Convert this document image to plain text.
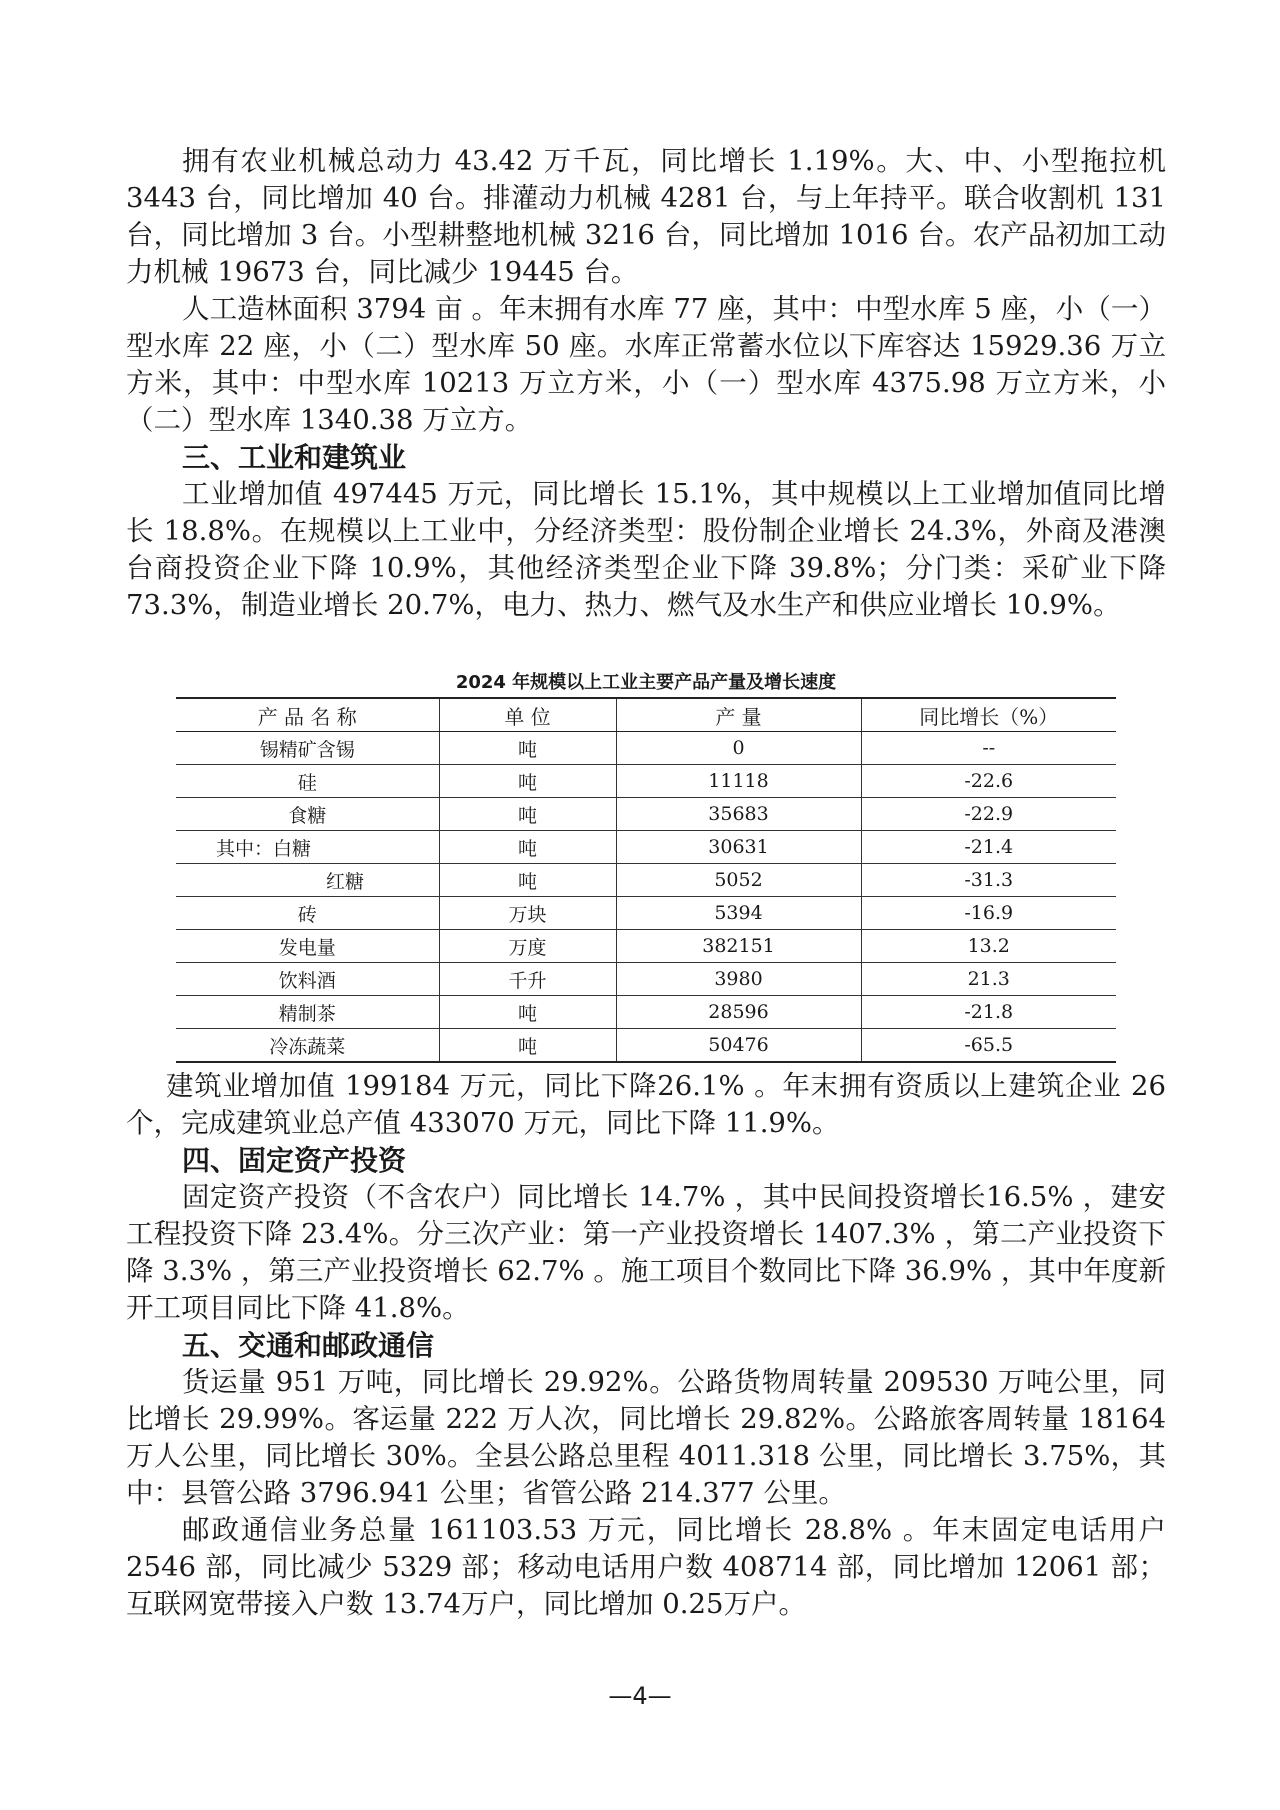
拥有农业机械总动力 43.42 万千瓦，同比增长 1.19%。大、中、小型拖拉机 3443 台，同比增加 40 台。排灌动力机械 4281 台，与上年持平。联合收割机 131 台，同比增加 3 台。小型耕整地机械 3216 台，同比增加 1016 台。农产品初加工动力机械 19673 台，同比减少 19445 台。

人工造林面积 3794 亩 。年末拥有水库 77 座，其中：中型水库 5 座，小（一）型水库 22 座，小（二）型水库 50 座。水库正常蓄水位以下库容达 15929.36 万立方米，其中：中型水库 10213 万立方米，小（一）型水库 4375.98 万立方米，小（二）型水库 1340.38 万立方。

三、工业和建筑业

工业增加值 497445 万元，同比增长 15.1%，其中规模以上工业增加值同比增长 18.8%。在规模以上工业中，分经济类型：股份制企业增长 24.3%，外商及港澳台商投资企业下降 10.9%，其他经济类型企业下降 39.8%；分门类：采矿业下降 73.3%，制造业增长 20.7%，电力、热力、燃气及水生产和供应业增长 10.9%。

2024 年规模以上工业主要产品产量及增长速度
产 品 名 称	单 位	产 量	同比增长（%）
锡精矿含锡	吨	0	--
硅	吨	11118	-22.6
食糖	吨	35683	-22.9
其中：白糖	吨	30631	-21.4
红糖	吨	5052	-31.3
砖	万块	5394	-16.9
发电量	万度	382151	13.2
饮料酒	千升	3980	21.3
精制茶	吨	28596	-21.8
冷冻蔬菜	吨	50476	-65.5

建筑业增加值 199184 万元，同比下降26.1% 。年末拥有资质以上建筑企业 26 个，完成建筑业总产值 433070 万元，同比下降 11.9%。

四、固定资产投资

固定资产投资（不含农户）同比增长 14.7% ，其中民间投资增长16.5% ，建安工程投资下降 23.4%。分三次产业：第一产业投资增长 1407.3% ，第二产业投资下降 3.3% ，第三产业投资增长 62.7% 。施工项目个数同比下降 36.9% ，其中年度新开工项目同比下降 41.8%。

五、交通和邮政通信

货运量 951 万吨，同比增长 29.92%。公路货物周转量 209530 万吨公里，同比增长 29.99%。客运量 222 万人次，同比增长 29.82%。公路旅客周转量 18164 万人公里，同比增长 30%。全县公路总里程 4011.318 公里，同比增长 3.75%，其中：县管公路 3796.941 公里；省管公路 214.377 公里。

邮政通信业务总量 161103.53 万元，同比增长 28.8% 。年末固定电话用户 2546 部，同比减少 5329 部；移动电话用户数 408714 部，同比增加 12061 部；互联网宽带接入户数 13.74万户，同比增加 0.25万户。

—4—
